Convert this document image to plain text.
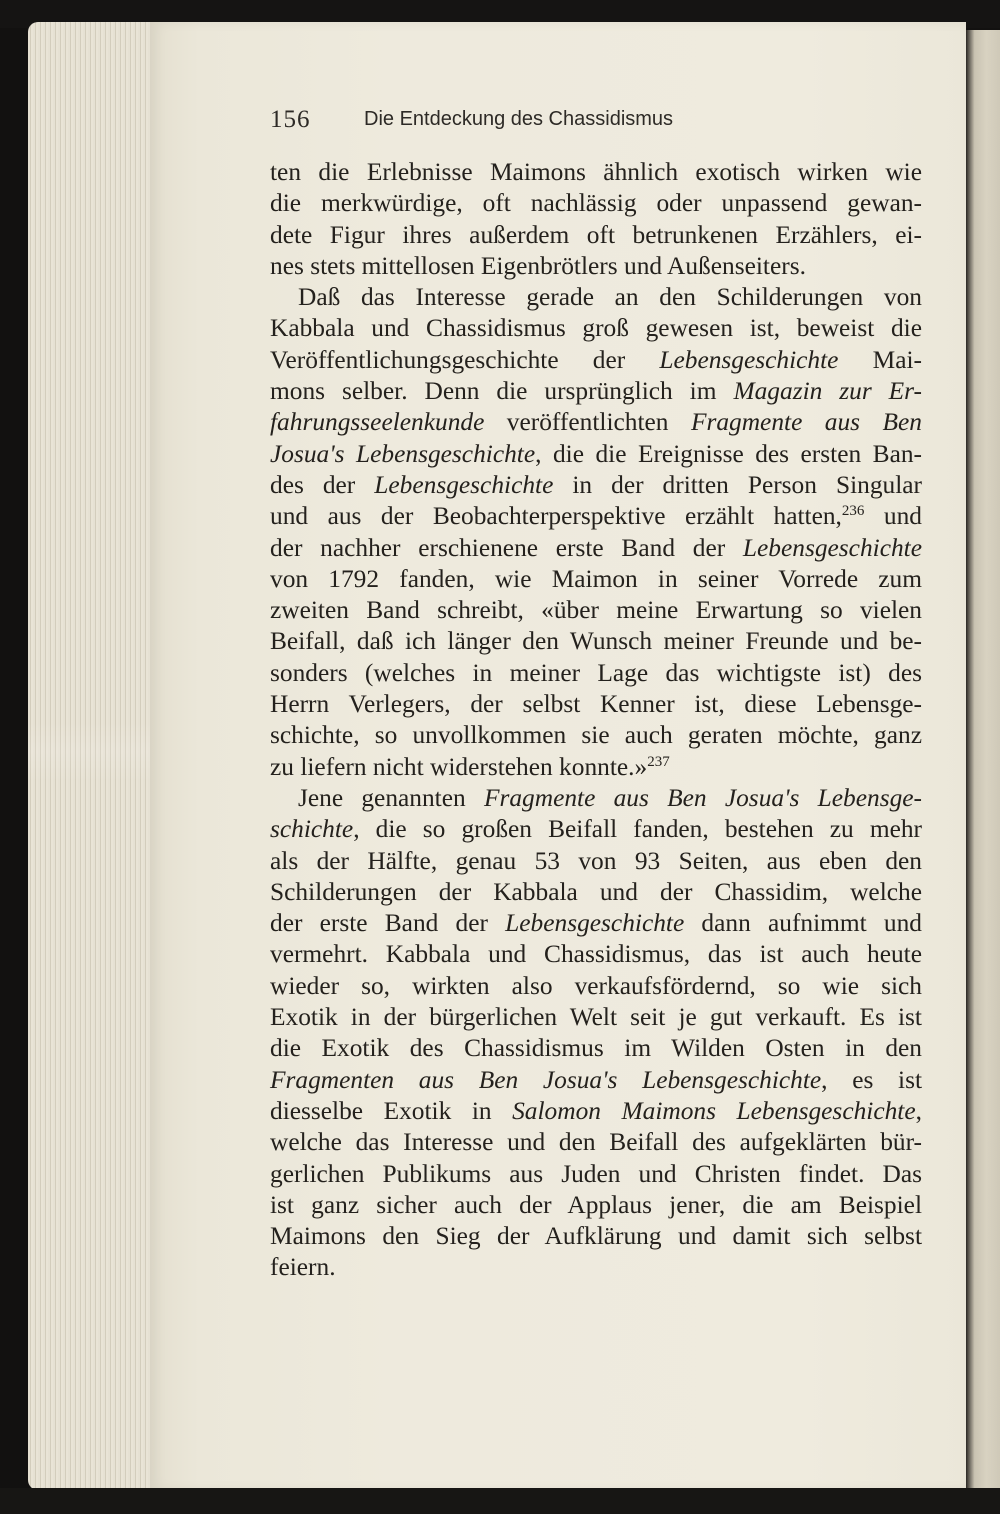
156	Die Entdeckung des Chassidismus
ten die Erlebnisse Maimons ähnlich exotisch wirken wie
die merkwürdige, oft nachlässig oder unpassend gewan-
dete Figur ihres außerdem oft betrunkenen Erzählers, ei-
nes stets mittellosen Eigenbrötlers und Außenseiters.
Daß das Interesse gerade an den Schilderungen von
Kabbala und Chassidismus groß gewesen ist, beweist die
Veröffentlichungsgeschichte der Lebensgeschichte Mai-
mons selber. Denn die ursprünglich im Magazin zur Er-
fahrungsseelenkunde veröffentlichten Fragmente aus Ben
Josua's Lebensgeschichte, die die Ereignisse des ersten Ban-
des der Lebensgeschichte in der dritten Person Singular
und aus der Beobachterperspektive erzählt hatten,$^{236}$ und
der nachher erschienene erste Band der Lebensgeschichte
von 1792 fanden, wie Maimon in seiner Vorrede zum
zweiten Band schreibt, «über meine Erwartung so vielen
Beifall, daß ich länger den Wunsch meiner Freunde und be-
sonders (welches in meiner Lage das wichtigste ist) des
Herrn Verlegers, der selbst Kenner ist, diese Lebensge-
schichte, so unvollkommen sie auch geraten möchte, ganz
zu liefern nicht widerstehen konnte.»$^{237}$
Jene genannten Fragmente aus Ben Josua's Lebensge-
schichte, die so großen Beifall fanden, bestehen zu mehr
als der Hälfte, genau 53 von 93 Seiten, aus eben den
Schilderungen der Kabbala und der Chassidim, welche
der erste Band der Lebensgeschichte dann aufnimmt und
vermehrt. Kabbala und Chassidismus, das ist auch heute
wieder so, wirkten also verkaufsfördernd, so wie sich
Exotik in der bürgerlichen Welt seit je gut verkauft. Es ist
die Exotik des Chassidismus im Wilden Osten in den
Fragmenten aus Ben Josua's Lebensgeschichte, es ist
diesselbe Exotik in Salomon Maimons Lebensgeschichte,
welche das Interesse und den Beifall des aufgeklärten bür-
gerlichen Publikums aus Juden und Christen findet. Das
ist ganz sicher auch der Applaus jener, die am Beispiel
Maimons den Sieg der Aufklärung und damit sich selbst
feiern.
